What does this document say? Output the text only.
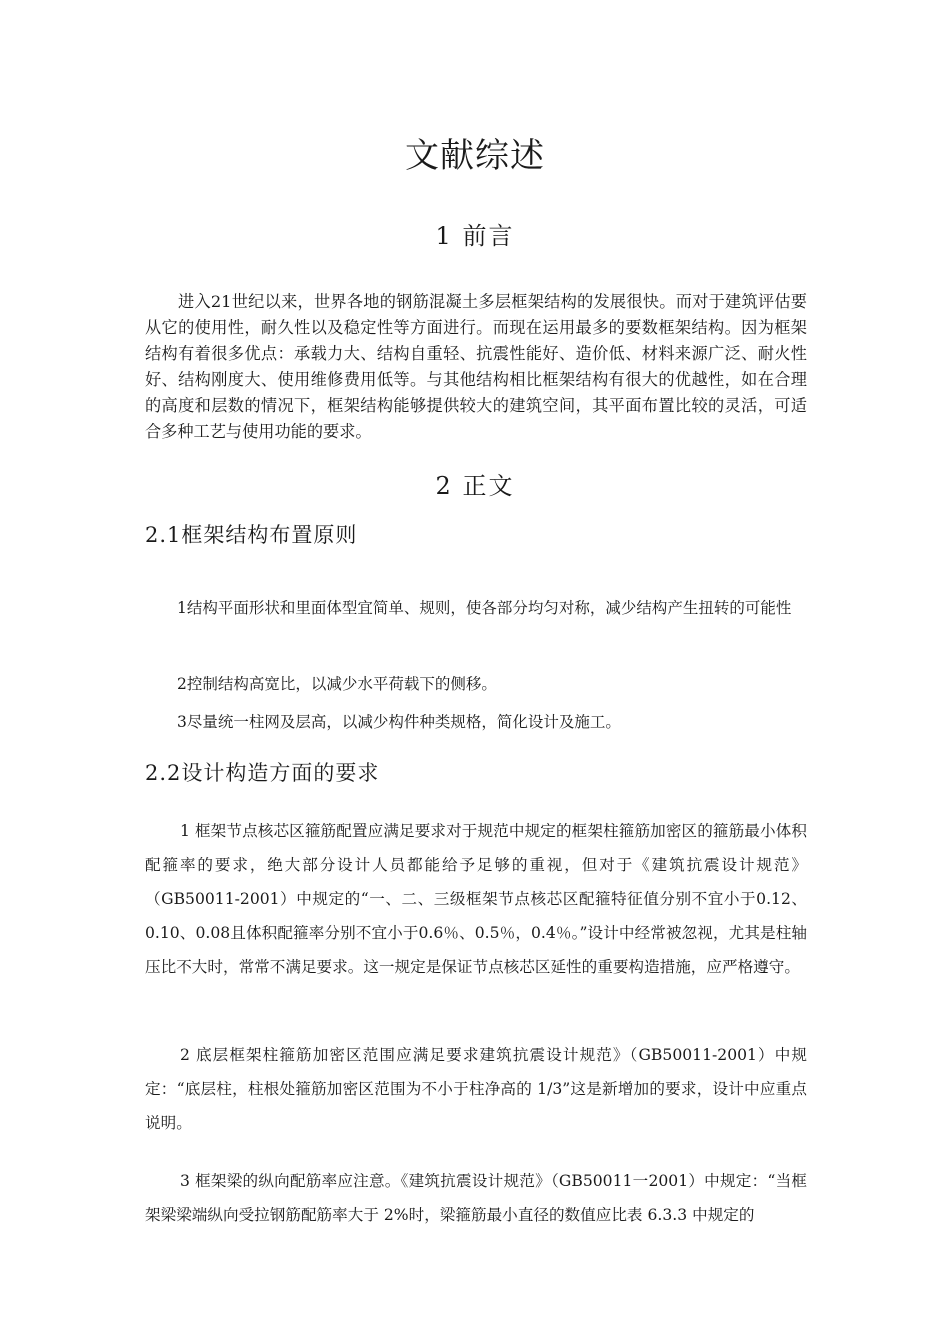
文献综述
1 前言

进入21世纪以来，世界各地的钢筋混凝土多层框架结构的发展很快。而对于建筑评估要从它的使用性，耐久性以及稳定性等方面进行。而现在运用最多的要数框架结构。因为框架结构有着很多优点：承载力大、结构自重轻、抗震性能好、造价低、材料来源广泛、耐火性好、结构刚度大、使用维修费用低等。与其他结构相比框架结构有很大的优越性，如在合理的高度和层数的情况下，框架结构能够提供较大的建筑空间，其平面布置比较的灵活，可适合多种工艺与使用功能的要求。

2 正文
2.1框架结构布置原则

1结构平面形状和里面体型宜简单、规则，使各部分均匀对称，减少结构产生扭转的可能性

2控制结构高宽比，以减少水平荷载下的侧移。

3尽量统一柱网及层高，以减少构件种类规格，简化设计及施工。

2.2设计构造方面的要求

1 框架节点核芯区箍筋配置应满足要求对于规范中规定的框架柱箍筋加密区的箍筋最小体积配箍率的要求，绝大部分设计人员都能给予足够的重视，但对于《建筑抗震设计规范》（GB50011-2001）中规定的“一、二、三级框架节点核芯区配箍特征值分别不宜小于0.12、0.10、0.08且体积配箍率分别不宜小于0.6％、0.5％，0.4％。”设计中经常被忽视，尤其是柱轴压比不大时，常常不满足要求。这一规定是保证节点核芯区延性的重要构造措施，应严格遵守。

2 底层框架柱箍筋加密区范围应满足要求建筑抗震设计规范》（GB50011-2001）中规定：“底层柱，柱根处箍筋加密区范围为不小于柱净高的 1/3”这是新增加的要求，设计中应重点说明。

3 框架梁的纵向配筋率应注意。《建筑抗震设计规范》（GB50011一2001）中规定：“当框架梁梁端纵向受拉钢筋配筋率大于 2%时，梁箍筋最小直径的数值应比表 6.3.3 中规定的
